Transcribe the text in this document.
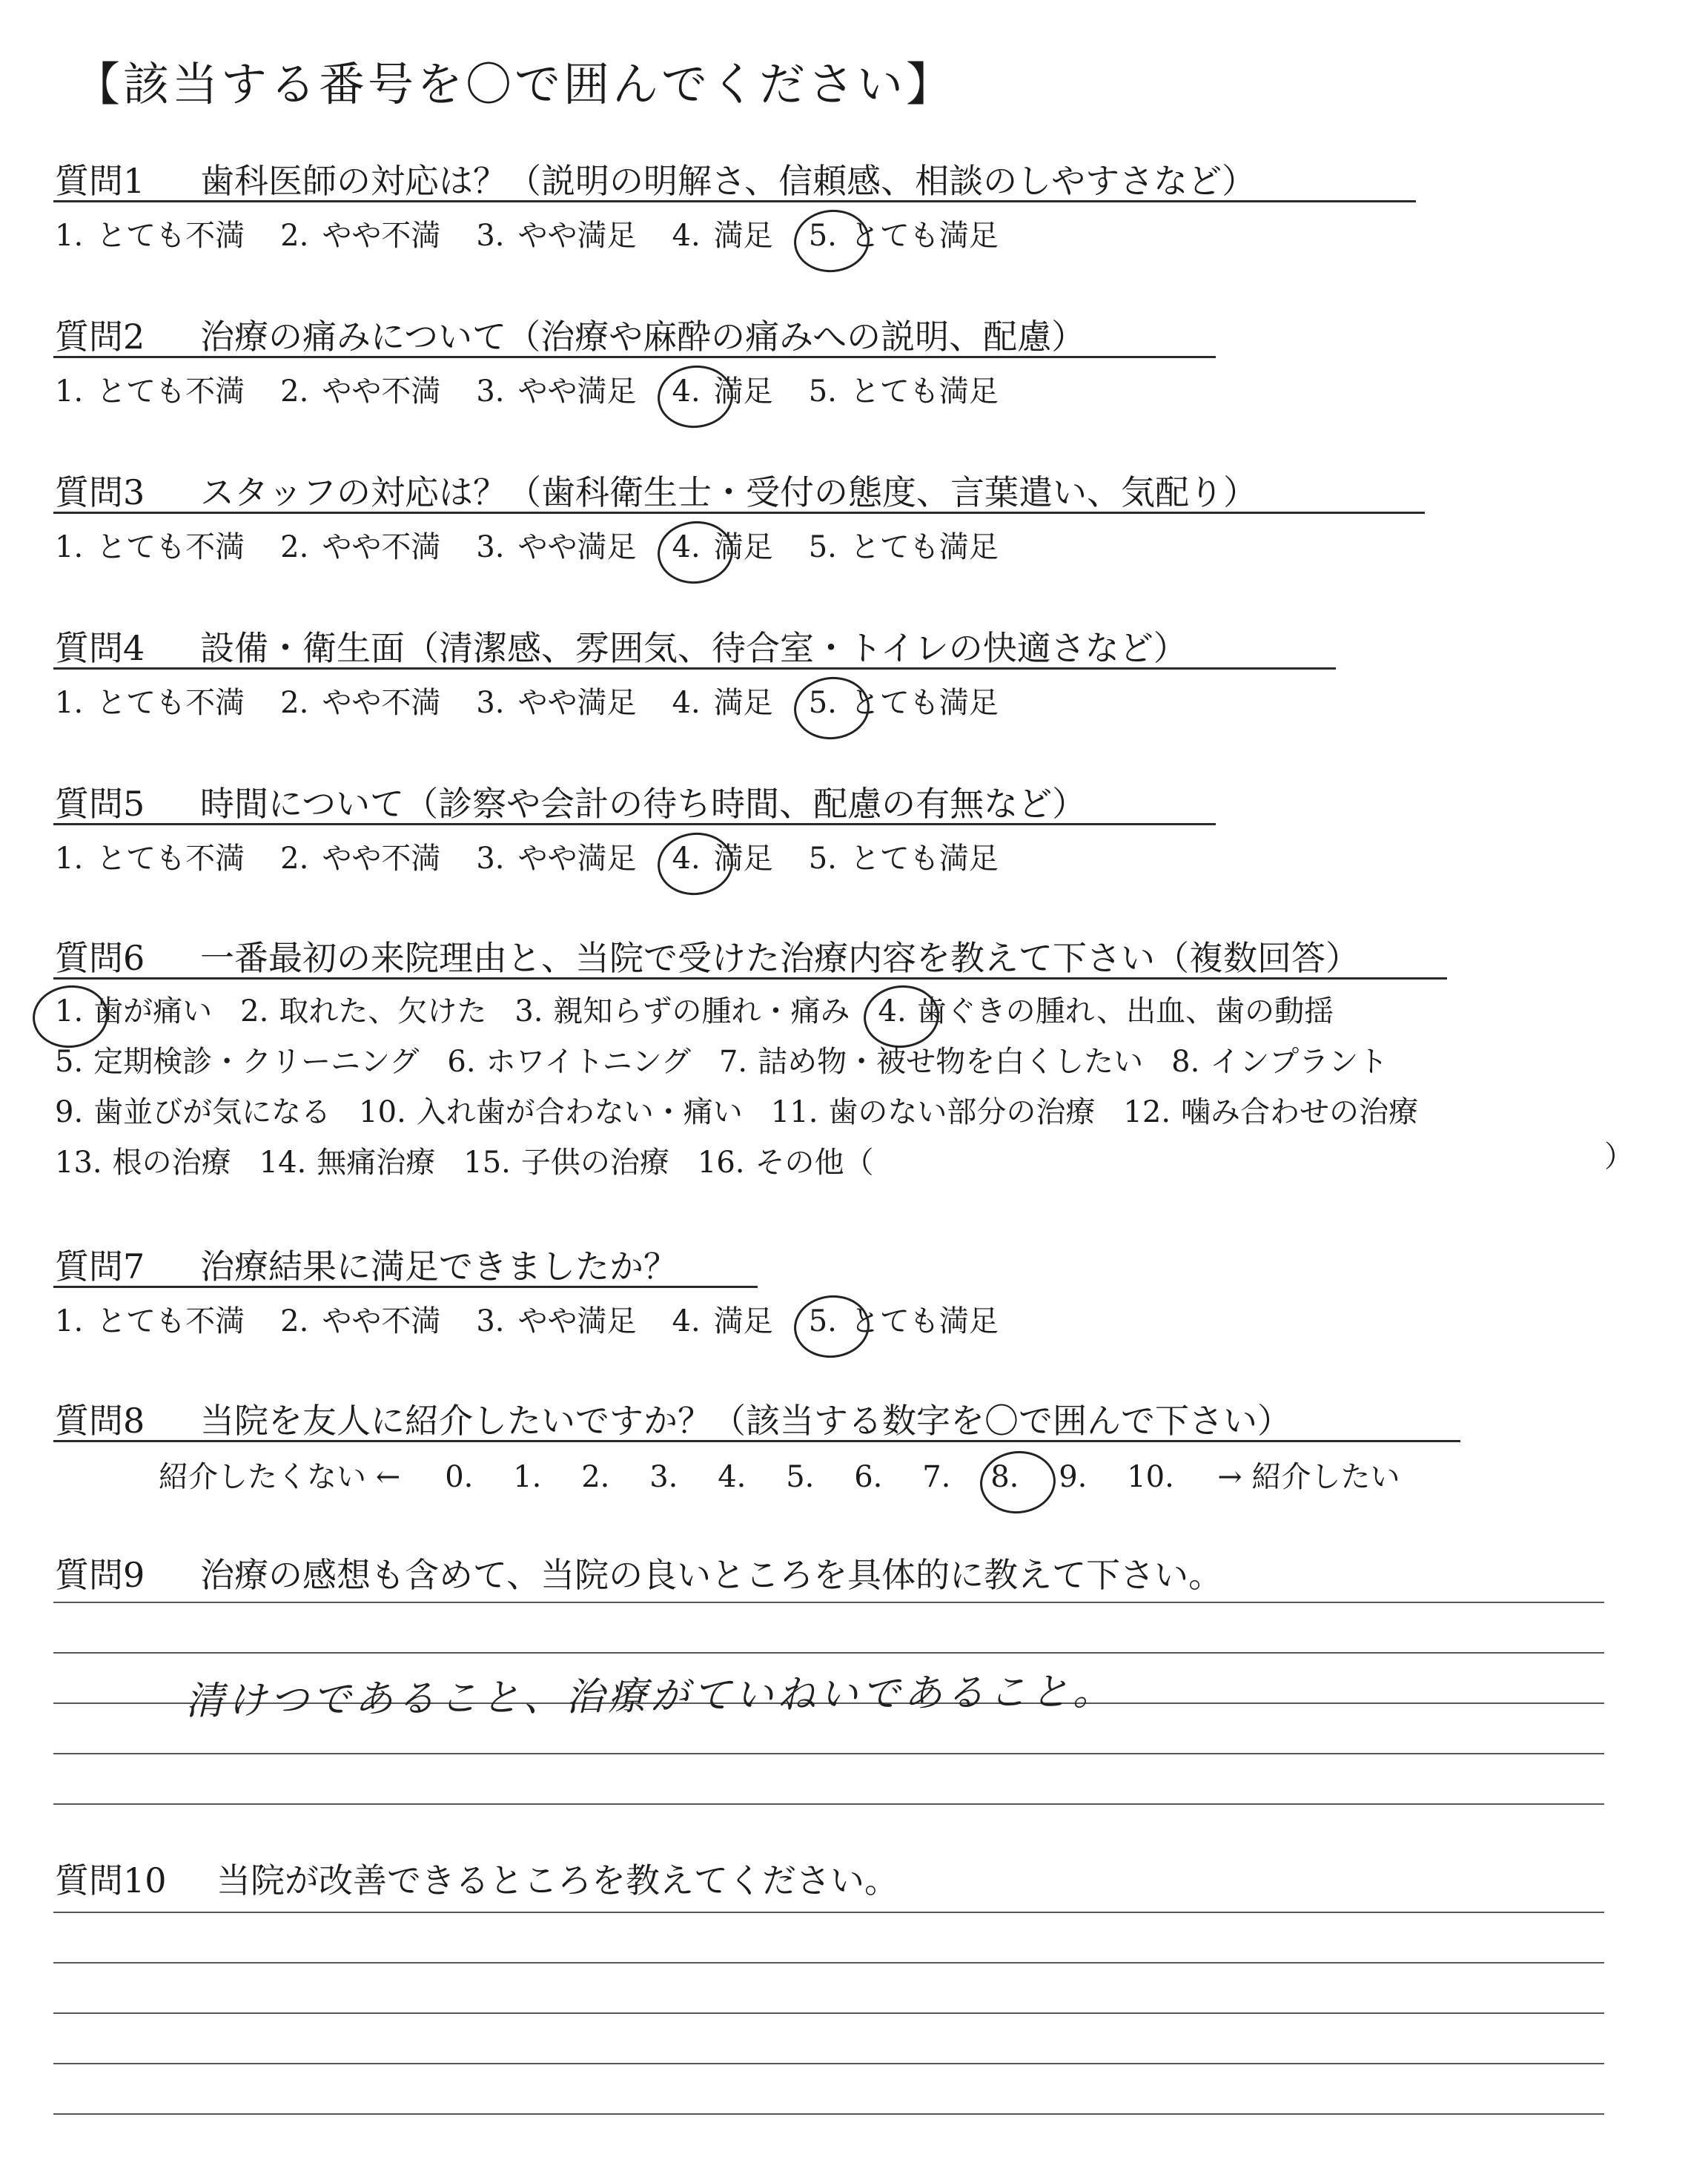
【該当する番号を〇で囲んでください】
質問1 歯科医師の対応は？（説明の明解さ、信頼感、相談のしやすさなど）
1. とても不満 2. やや不満 3. やや満足 4. 満足 5. とても満足
質問2 治療の痛みについて（治療や麻酔の痛みへの説明、配慮）
1. とても不満 2. やや不満 3. やや満足 4. 満足 5. とても満足
質問3 スタッフの対応は？（歯科衛生士・受付の態度、言葉遣い、気配り）
1. とても不満 2. やや不満 3. やや満足 4. 満足 5. とても満足
質問4 設備・衛生面（清潔感、雰囲気、待合室・トイレの快適さなど）
1. とても不満 2. やや不満 3. やや満足 4. 満足 5. とても満足
質問5 時間について（診察や会計の待ち時間、配慮の有無など）
1. とても不満 2. やや不満 3. やや満足 4. 満足 5. とても満足
質問6 一番最初の来院理由と、当院で受けた治療内容を教えて下さい（複数回答）
1. 歯が痛い 2. 取れた、欠けた 3. 親知らずの腫れ・痛み 4. 歯ぐきの腫れ、出血、歯の動揺
5. 定期検診・クリーニング 6. ホワイトニング 7. 詰め物・被せ物を白くしたい 8. インプラント
9. 歯並びが気になる 10. 入れ歯が合わない・痛い 11. 歯のない部分の治療 12. 噛み合わせの治療
13. 根の治療 14. 無痛治療 15. 子供の治療 16. その他（	）
質問7 治療結果に満足できましたか？
1. とても不満 2. やや不満 3. やや満足 4. 満足 5. とても満足
質問8 当院を友人に紹介したいですか？（該当する数字を〇で囲んで下さい）
紹介したくない ← 0. 1. 2. 3. 4. 5. 6. 7. 8. 9. 10. → 紹介したい
質問9 治療の感想も含めて、当院の良いところを具体的に教えて下さい。
清けつであること、治療がていねいであること。
質問10 当院が改善できるところを教えてください。
